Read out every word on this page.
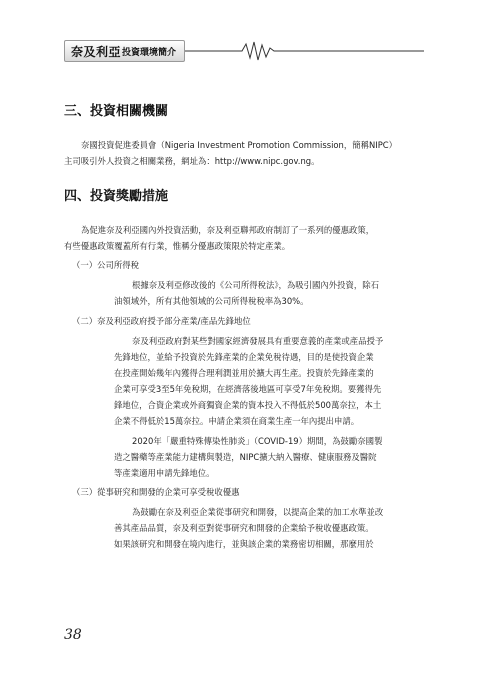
奈及利亞 投資環境簡介
三、投資相關機關

奈國投資促進委員會（Nigeria Investment Promotion Commission，簡稱NIPC）

主司吸引外人投資之相關業務，網址為：http://www.nipc.gov.ng。

四、投資獎勵措施

為促進奈及利亞國內外投資活動，奈及利亞聯邦政府制訂了一系列的優惠政策，

有些優惠政策覆蓋所有行業，惟稱分優惠政策限於特定產業。

（一）公司所得稅

根據奈及利亞修改後的《公司所得稅法》，為吸引國內外投資，除石

油領域外，所有其他領域的公司所得稅稅率為30%。

（二）奈及利亞政府授予部分產業/產品先鋒地位

奈及利亞政府對某些對國家經濟發展具有重要意義的產業或產品授予

先鋒地位，並給予投資於先鋒產業的企業免稅待遇，目的是使投資企業

在投產開始幾年內獲得合理利潤並用於擴大再生產。投資於先鋒產業的

企業可享受3至5年免稅期，在經濟落後地區可享受7年免稅期。要獲得先

鋒地位，合資企業或外商獨資企業的資本投入不得低於500萬奈拉，本土

企業不得低於15萬奈拉。申請企業須在商業生產一年內提出申請。

2020年「嚴重特殊傳染性肺炎」（COVID-19）期間，為鼓勵奈國製

造之醫藥等產業能力建構與製造，NIPC擴大納入醫療、健康服務及醫院

等產業適用申請先鋒地位。

（三）從事研究和開發的企業可享受稅收優惠

為鼓勵在奈及利亞企業從事研究和開發，以提高企業的加工水準並改

善其產品品質，奈及利亞對從事研究和開發的企業給予稅收優惠政策。

如果該研究和開發在境內進行，並與該企業的業務密切相關，那麼用於

38
